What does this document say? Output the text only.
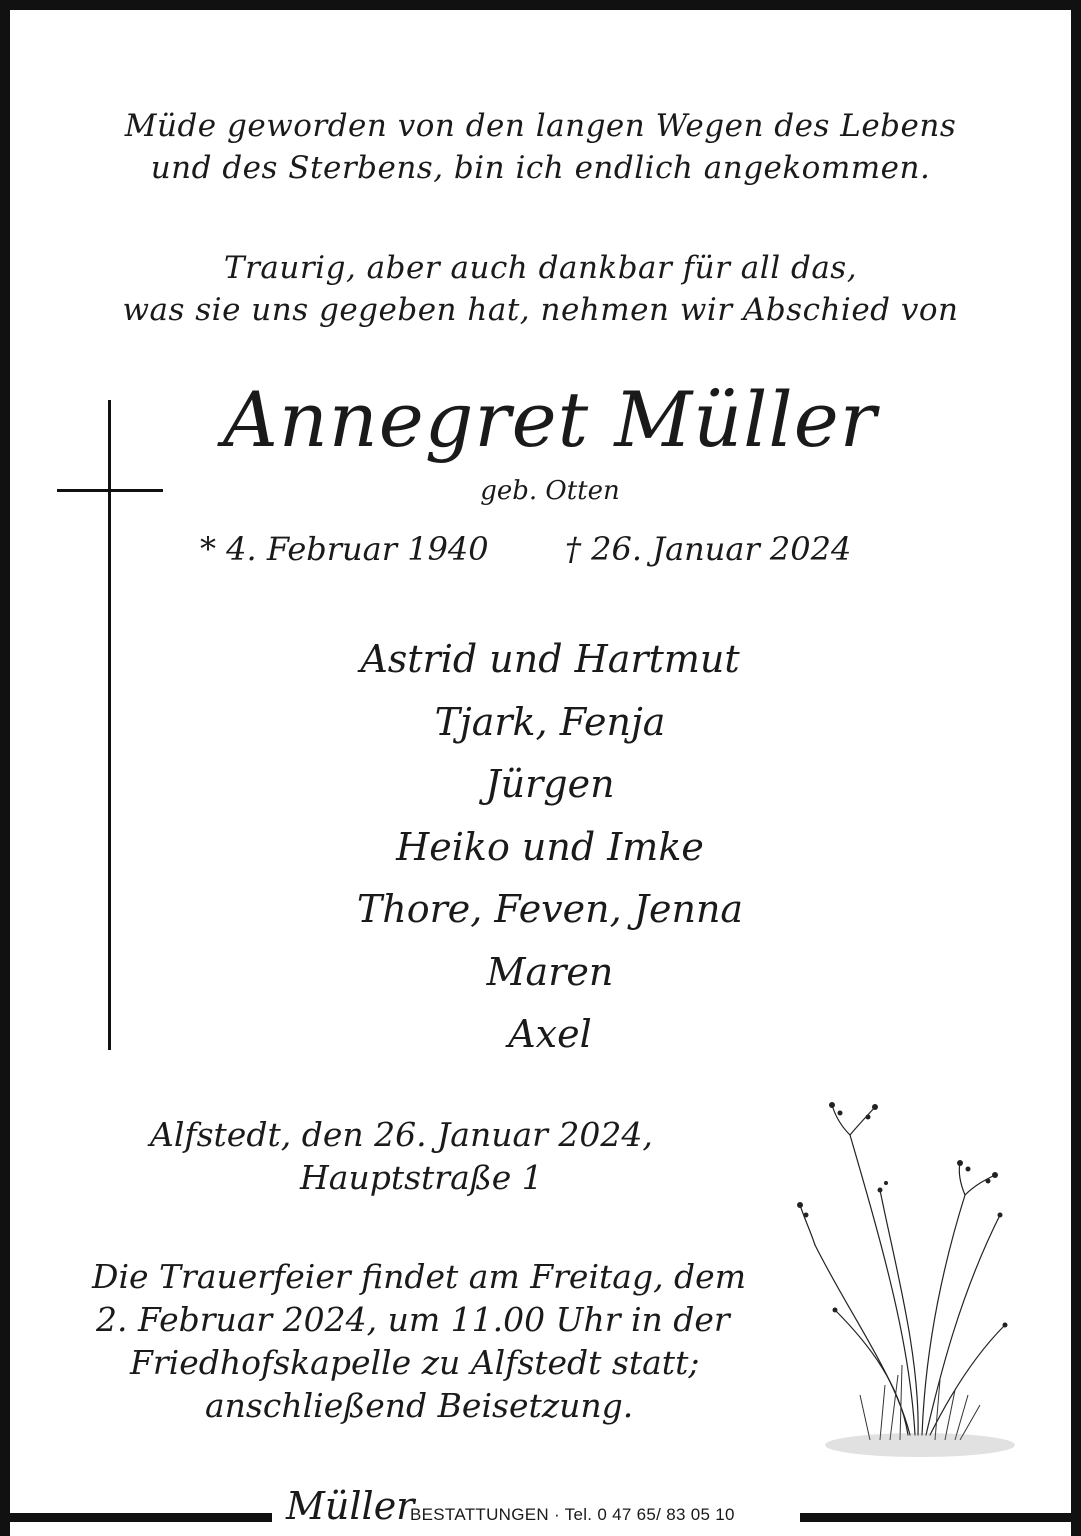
Müde geworden von den langen Wegen des Lebens
und des Sterbens, bin ich endlich angekommen.
Traurig, aber auch dankbar für all das,
was sie uns gegeben hat, nehmen wir Abschied von
Annegret Müller
geb. Otten
* 4. Februar 1940	† 26. Januar 2024
Astrid und Hartmut
Tjark, Fenja
Jürgen
Heiko und Imke
Thore, Feven, Jenna
Maren
Axel
Alfstedt, den 26. Januar 2024,
Hauptstraße 1
Die Trauerfeier findet am Freitag, dem
2. Februar 2024, um 11.00 Uhr in der
Friedhofskapelle zu Alfstedt statt;
anschließend Beisetzung.
Müller
BESTATTUNGEN · Tel. 0 47 65/ 83 05 10
